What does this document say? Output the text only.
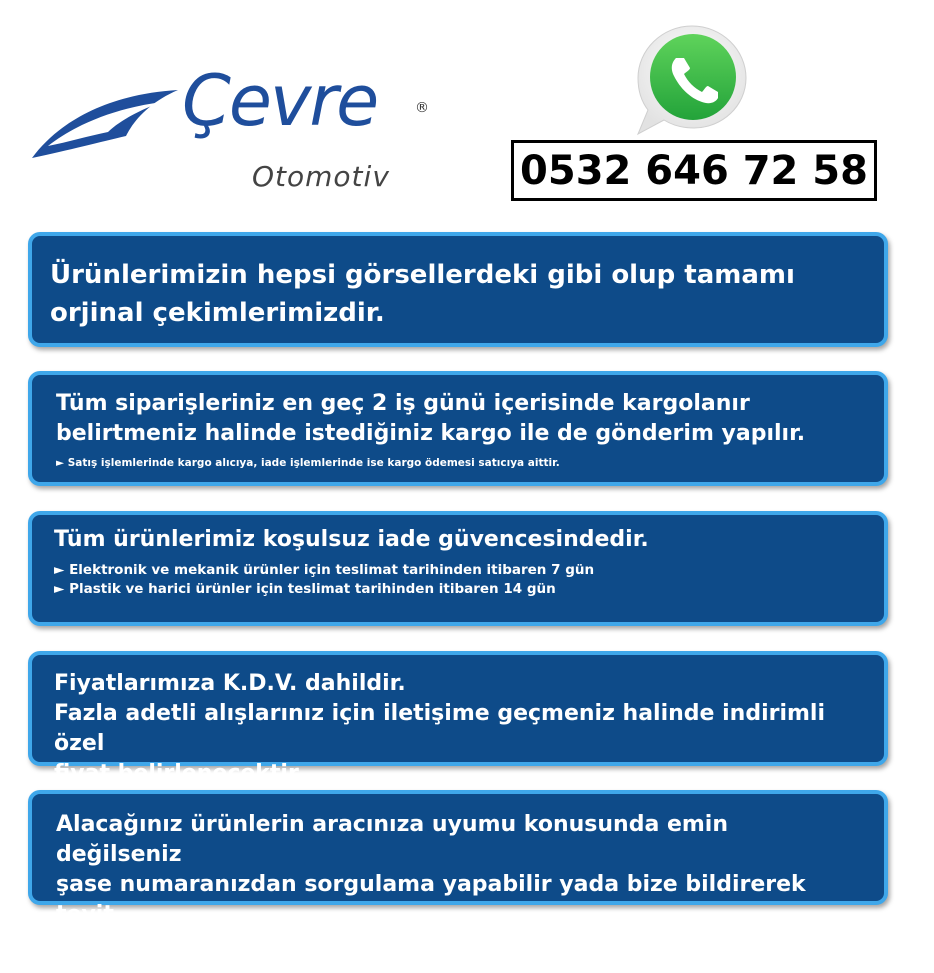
Çevre	®
Otomotiv	0532 646 72 58
Ürünlerimizin hepsi görsellerdeki gibi olup tamamı
orjinal çekimlerimizdir.
Tüm siparişleriniz en geç 2 iş günü içerisinde kargolanır
belirtmeniz halinde istediğiniz kargo ile de gönderim yapılır.
► Satış işlemlerinde kargo alıcıya, iade işlemlerinde ise kargo ödemesi satıcıya aittir.
Tüm ürünlerimiz koşulsuz iade güvencesindedir.
► Elektronik ve mekanik ürünler için teslimat tarihinden itibaren 7 gün
► Plastik ve harici ürünler için teslimat tarihinden itibaren 14 gün
Fiyatlarımıza K.D.V. dahildir.
Fazla adetli alışlarınız için iletişime geçmeniz halinde indirimli özel
fiyat belirlenecektir.
Alacağınız ürünlerin aracınıza uyumu konusunda emin değilseniz
şase numaranızdan sorgulama yapabilir yada bize bildirerek teyit
ettirebilirsiniz.
